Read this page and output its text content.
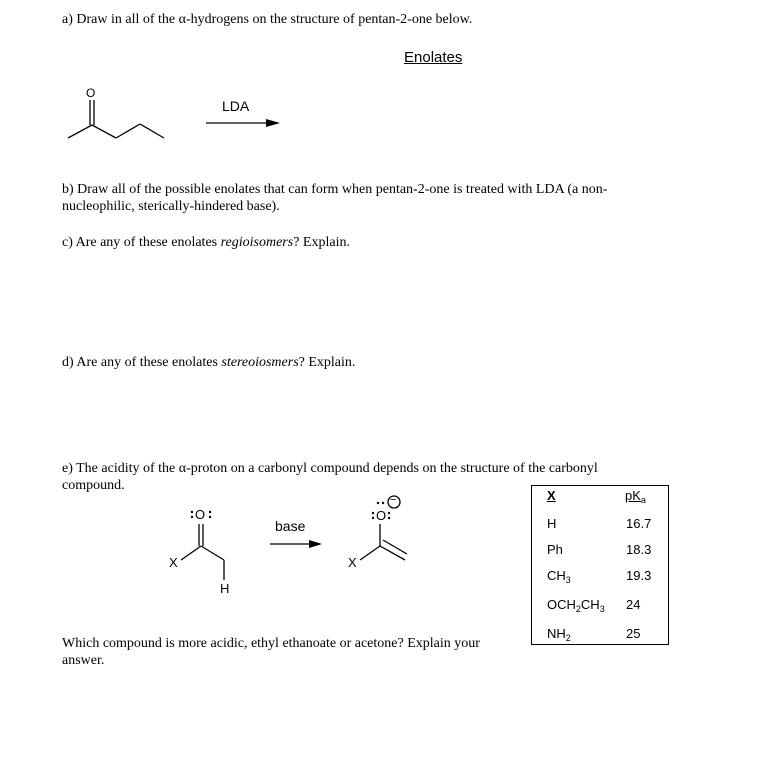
a) Draw in all of the α-hydrogens on the structure of pentan-2-one below.
Enolates
O
LDA
b) Draw all of the possible enolates that can form when pentan-2-one is treated with LDA (a non-nucleophilic, sterically-hindered base).
c) Are any of these enolates regioisomers? Explain.
d) Are any of these enolates stereoiosmers? Explain.
e) The acidity of the α-proton on a carbonyl compound depends on the structure of the carbonyl compound.
O
X
H
base
O
−
X
X	$pK_a$
H	16.7
Ph	18.3
$CH_3$	19.3
$OCH_2CH_3$ 24
$NH_2$	25
Which compound is more acidic, ethyl ethanoate or acetone? Explain your answer.
